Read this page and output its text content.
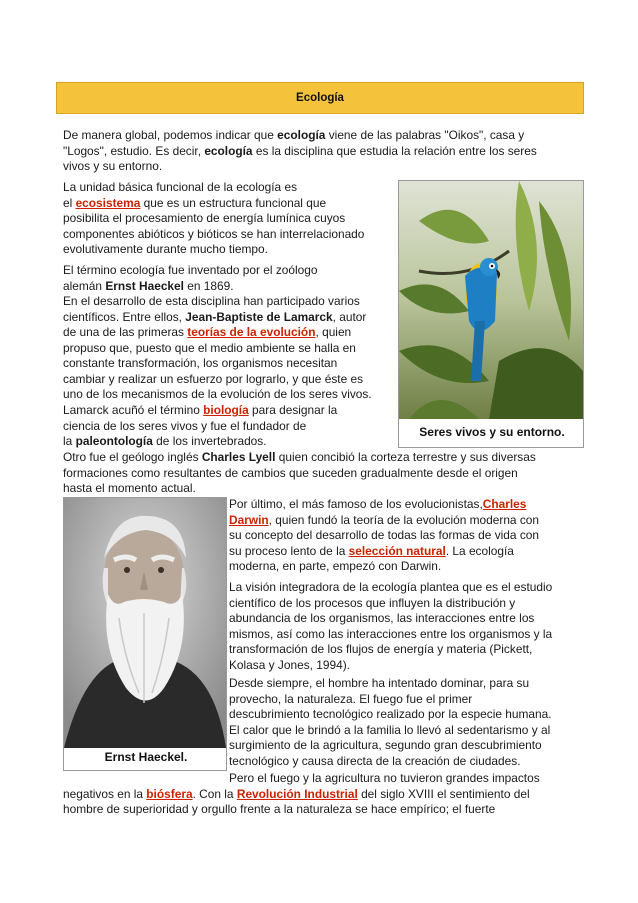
Ecología
De manera global, podemos indicar que ecología viene de las palabras "Oikos", casa y
"Logos", estudio. Es decir, ecología es la disciplina que estudia la relación entre los seres
vivos y su entorno.
La unidad básica funcional de la ecología es
el ecosistema que es un estructura funcional que
posibilita el procesamiento de energía lumínica cuyos
componentes abióticos y bióticos se han interrelacionado
evolutivamente durante mucho tiempo.
El término ecología fue inventado por el zoólogo
alemán Ernst Haeckel en 1869.
En el desarrollo de esta disciplina han participado varios
científicos. Entre ellos, Jean-Baptiste de Lamarck, autor
de una de las primeras teorías de la evolución, quien
propuso que, puesto que el medio ambiente se halla en
constante transformación, los organismos necesitan
cambiar y realizar un esfuerzo por lograrlo, y que éste es
uno de los mecanismos de la evolución de los seres vivos.
Lamarck acuñó el término biología para designar la
ciencia de los seres vivos y fue el fundador de
la paleontología de los invertebrados.
Seres vivos y su entorno.
Otro fue el geólogo inglés Charles Lyell quien concibió la corteza terrestre y sus diversas
formaciones como resultantes de cambios que suceden gradualmente desde el origen
hasta el momento actual.
Ernst Haeckel.
Por último, el más famoso de los evolucionistas,Charles
Darwin, quien fundó la teoría de la evolución moderna con
su concepto del desarrollo de todas las formas de vida con
su proceso lento de la selección natural. La ecología
moderna, en parte, empezó con Darwin.
La visión integradora de la ecología plantea que es el estudio
científico de los procesos que influyen la distribución y
abundancia de los organismos, las interacciones entre los
mismos, así como las interacciones entre los organismos y la
transformación de los flujos de energía y materia (Pickett,
Kolasa y Jones, 1994).
Desde siempre, el hombre ha intentado dominar, para su
provecho, la naturaleza. El fuego fue el primer
descubrimiento tecnológico realizado por la especie humana.
El calor que le brindó a la familia lo llevó al sedentarismo y al
surgimiento de la agricultura, segundo gran descubrimiento
tecnológico y causa directa de la creación de ciudades.
Pero el fuego y la agricultura no tuvieron grandes impactos
negativos en la biósfera. Con la Revolución Industrial del siglo XVIII el sentimiento del
hombre de superioridad y orgullo frente a la naturaleza se hace empírico; el fuerte
